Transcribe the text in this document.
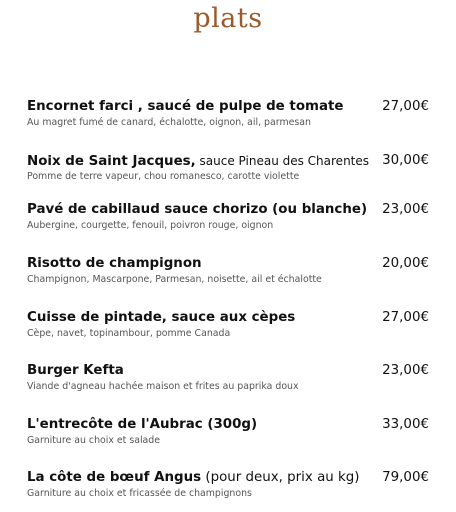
plats
Encornet farci , saucé de pulpe de tomate	27,00€
Au magret fumé de canard, échalotte, oignon, ail, parmesan
Noix de Saint Jacques, sauce Pineau des Charentes 30,00€
Pomme de terre vapeur, chou romanesco, carotte violette
Pavé de cabillaud sauce chorizo (ou blanche)	23,00€
Aubergine, courgette, fenouil, poivron rouge, oignon
Risotto de champignon	20,00€
Champignon, Mascarpone, Parmesan, noisette, ail et échalotte
Cuisse de pintade, sauce aux cèpes	27,00€
Cèpe, navet, topinambour, pomme Canada
Burger Kefta	23,00€
Viande d'agneau hachée maison et frites au paprika doux
L'entrecôte de l'Aubrac (300g)	33,00€
Garniture au choix et salade
La côte de bœuf Angus (pour deux, prix au kg)	79,00€
Garniture au choix et fricassée de champignons
